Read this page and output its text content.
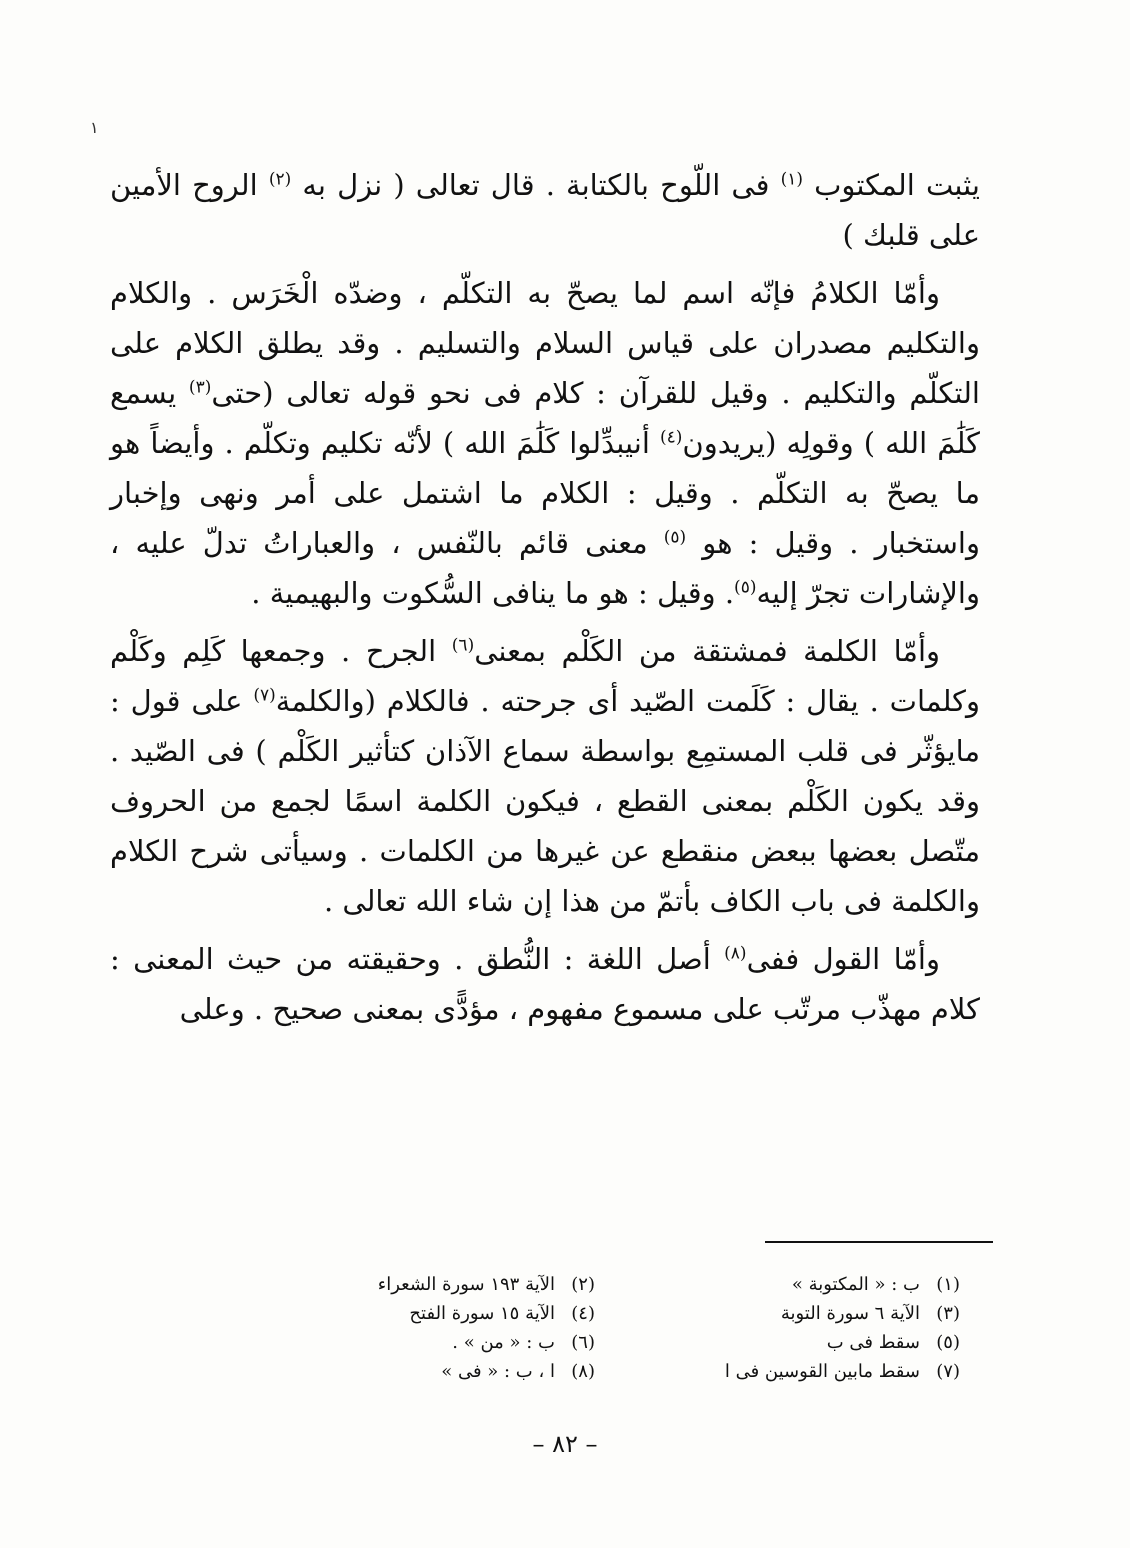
١

يثبت المكتوب $^{(١)}$ فى اللّوح بالكتابة . قال تعالى ( نزل به $^{(٢)}$ الروح الأمين على قلبك )

وأمّا الكلامُ فإنّه اسم لما يصحّ به التكلّم ، وضدّه الْخَرَس . والكلام والتكليم مصدران على قياس السلام والتسليم . وقد يطلق الكلام على التكلّم والتكليم . وقيل للقرآن : كلام فى نحو قوله تعالى (حتى$^{(٣)}$ يسمع كَلَٰمَ الله ) وقولِه (يريدون$^{(٤)}$ أنيبدِّلوا كَلَٰمَ الله ) لأنّه تكليم وتكلّم . وأيضاً هو ما يصحّ به التكلّم . وقيل : الكلام ما اشتمل على أمر ونهى وإخبار واستخبار . وقيل : هو $^{(٥)}$ معنى قائم بالنّفس ، والعباراتُ تدلّ عليه ، والإشارات تجرّ إليه$^{(٥)}$. وقيل : هو ما ينافى السُّكوت والبهيمية .

وأمّا الكلمة فمشتقة من الكَلْم بمعنى$^{(٦)}$ الجرح . وجمعها كَلِم وكَلْم وكلمات . يقال : كَلَمت الصّيد أى جرحته . فالكلام (والكلمة$^{(٧)}$ على قول : مايؤثّر فى قلب المستمِع بواسطة سماع الآذان كتأثير الكَلْم ) فى الصّيد . وقد يكون الكَلْم بمعنى القطع ، فيكون الكلمة اسمًا لجمع من الحروف متّصل بعضها ببعض منقطع عن غيرها من الكلمات . وسيأتى شرح الكلام والكلمة فى باب الكاف بأتمّ من هذا إن شاء الله تعالى .

وأمّا القول ففى$^{(٨)}$ أصل اللغة : النُّطق . وحقيقته من حيث المعنى : كلام مهذّب مرتّب على مسموع مفهوم ، مؤدًّى بمعنى صحيح . وعلى

(١)
ب : « المكتوبة »
(٢)
الآية ١٩٣ سورة الشعراء
(٣)
الآية ٦ سورة التوبة
(٤)
الآية ١٥ سورة الفتح
(٥)
سقط فى ب
(٦)
ب : « من » .
(٧)
سقط مابين القوسين فى ا
(٨)
ا ، ب : « فى »
– ٨٢ –
